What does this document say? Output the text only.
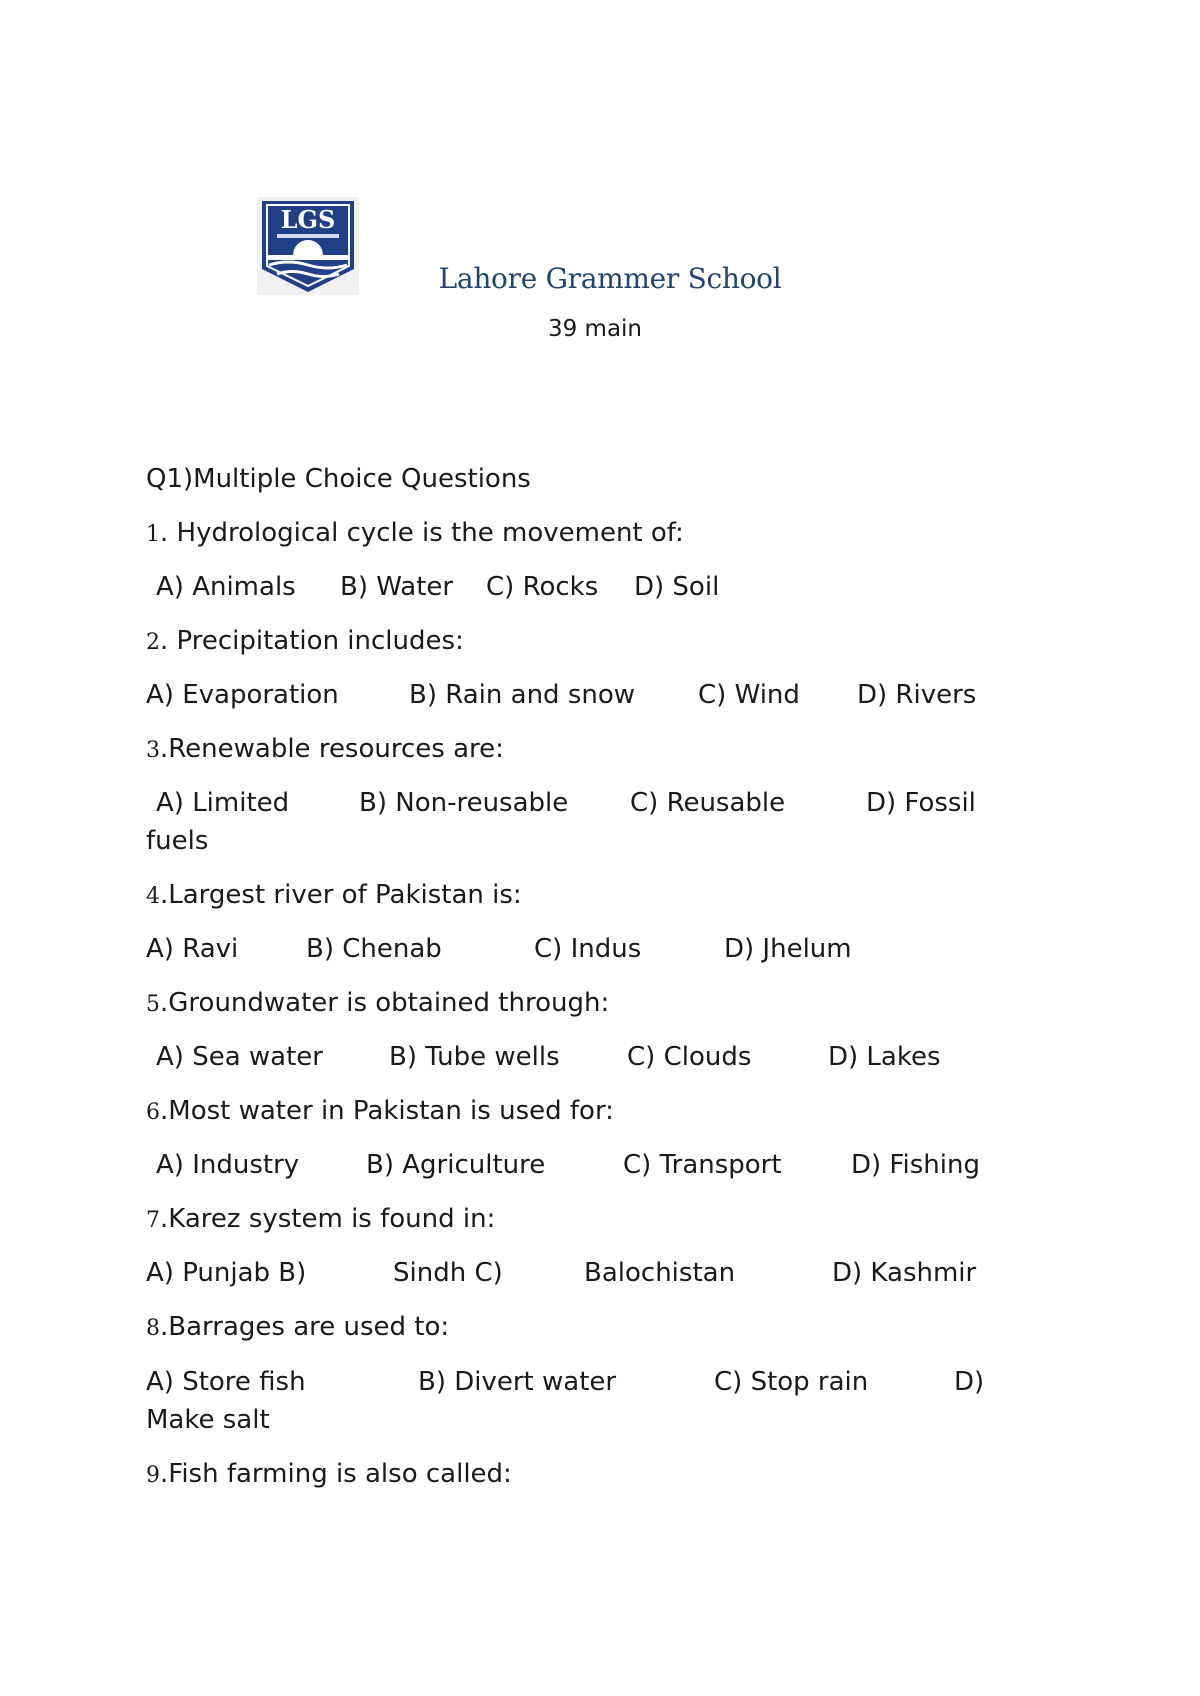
LGS
Lahore Grammer School
39 main
Q1)Multiple Choice Questions
1. Hydrological cycle is the movement of:
A) Animals	B) Water	C) Rocks	D) Soil
2. Precipitation includes:
A) Evaporation	B) Rain and snow	C) Wind	D) Rivers
3.Renewable resources are:
A) Limited	B) Non-reusable	C) Reusable	D) Fossil
fuels
4.Largest river of Pakistan is:
A) Ravi	B) Chenab	C) Indus	D) Jhelum
5.Groundwater is obtained through:
A) Sea water	B) Tube wells	C) Clouds	D) Lakes
6.Most water in Pakistan is used for:
A) Industry	B) Agriculture	C) Transport	D) Fishing
7.Karez system is found in:
A) Punjab B)	Sindh C)	Balochistan	D) Kashmir
8.Barrages are used to:
A) Store fish	B) Divert water	C) Stop rain	D)
Make salt
9.Fish farming is also called:
